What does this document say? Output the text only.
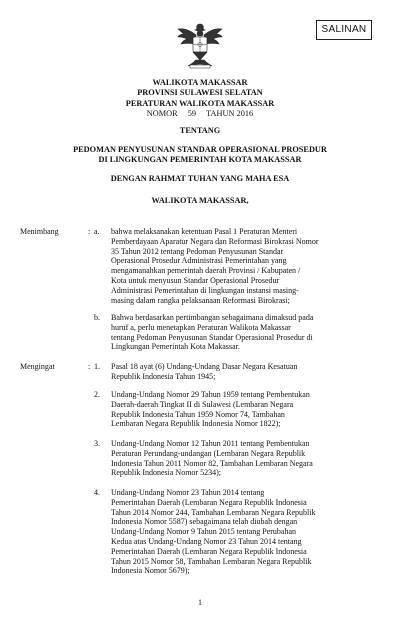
SALINAN
WALIKOTA MAKASSAR
PROVINSI SULAWESI SELATAN
PERATURAN WALIKOTA MAKASSAR
NOMOR 59 TAHUN 2016
TENTANG
PEDOMAN PENYUSUNAN STANDAR OPERASIONAL PROSEDUR
DI LINGKUNGAN PEMERINTAH KOTA MAKASSAR
DENGAN RAHMAT TUHAN YANG MAHA ESA
WALIKOTA MAKASSAR,
Menimbang	: a. bahwa melaksanakan ketentuan Pasal 1 Peraturan Menteri
Pemberdayaan Aparatur Negara dan Reformasi Birokrasi Nomor
35 Tahun 2012 tentang Pedoman Penyusunan Standar
Operasional Prosedur Administrasi Pemerintahan yang
mengamanahkan pemerintah daerah Provinsi / Kabupaten /
Kota untuk menyusun Standar Operasional Prosedur
Administrasi Pemerintahan di lingkungan instansi masing-
masing dalam rangka pelaksanaan Reformasi Birokrasi;
b. Bahwa berdasarkan pertimbangan sebagaimana dimaksud pada
huruf a, perlu menetapkan Peraturan Walikota Makassar
tentang Pedoman Penyusunan Standar Operasional Prosedur di
Lingkungan Pemerintah Kota Makassar.
Mengingat	: 1. Pasal 18 ayat (6) Undang-Undang Dasar Negara Kesatuan
Republik Indonesia Tahun 1945;
2. Undang-Undang Nomor 29 Tahun 1959 tentang Pembentukan
Daerah-daerah Tingkat II di Sulawesi (Lembaran Negara
Republik Indonesia Tahun 1959 Nomor 74, Tambahan
Lembaran Negara Republik Indonesia Nomor 1822);
3. Undang-Undang Nomor 12 Tahun 2011 tentang Pembentukan
Peraturan Perundang-undangan (Lembaran Negara Republik
Indonesia Tahun 2011 Nomor 82, Tambahan Lembaran Negara
Republik Indonesia Nomor 5234);
4. Undang-Undang Nomor 23 Tahun 2014 tentang
Pemerintahan Daerah (Lembaran Negara Republik Indonesia
Tahun 2014 Nomor 244, Tambahan Lembaran Negara Republik
Indonesia Nomor 5587) sebagaimana telah diubah dengan
Undang-Undang Nomor 9 Tahun 2015 tentang Perubahan
Kedua atas Undang-Undang Nomor 23 Tahun 2014 tentang
Pemerintahan Daerah (Lembaran Negara Republik Indonesia
Tahun 2015 Nomor 58, Tambahan Lembaran Negara Republik
Indonesia Nomor 5679);
1
